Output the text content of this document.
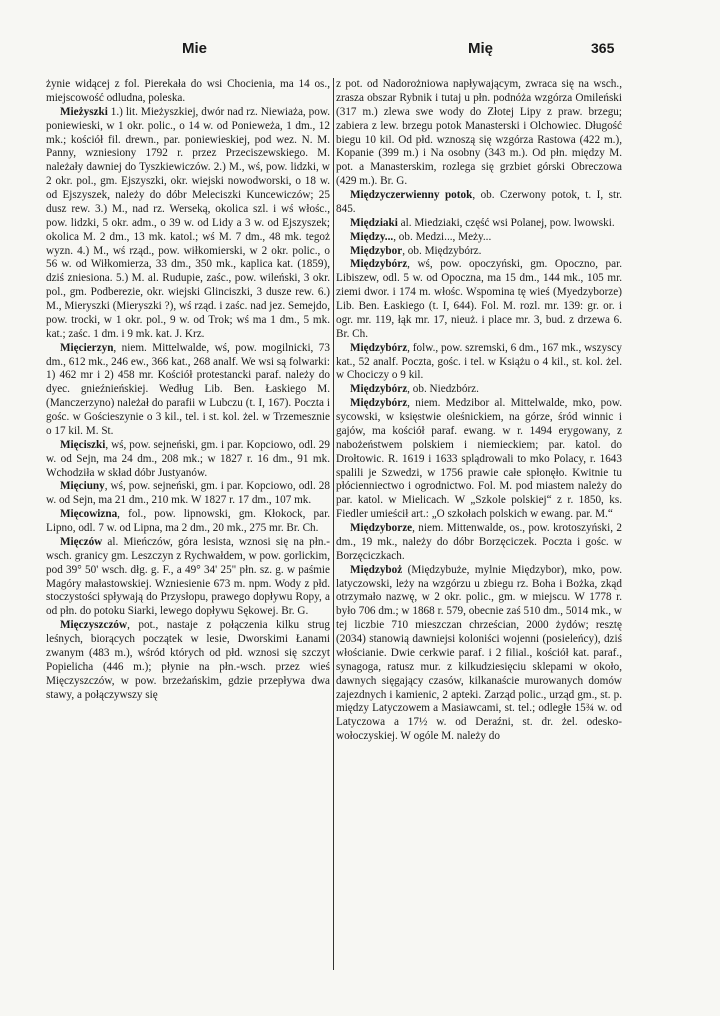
Mie	Mię	365

żynie widącej z fol. Pierekała do wsi Chocienia, ma 14 os., miejscowość odludna, poleska.

Mieżyszki 1.) lit. Mieżyszkiej, dwór nad rz. Niewiaża, pow. poniewieski, w 1 okr. polic., o 14 w. od Ponieweża, 1 dm., 12 mk.; kościół fil. drewn., par. poniewieskiej, pod wez. N. M. Panny, wzniesiony 1792 r. przez Przeciszewskiego. M. należały dawniej do Tyszkiewiczów. 2.) M., wś, pow. lidzki, w 2 okr. pol., gm. Ejszyszki, okr. wiejski nowodworski, o 18 w. od Ejszyszek, należy do dóbr Meleciszki Kuncewiczów; 25 dusz rew. 3.) M., nad rz. Werseką, okolica szl. i wś włośc., pow. lidzki, 5 okr. adm., o 39 w. od Lidy a 3 w. od Ejszyszek; okolica M. 2 dm., 13 mk. katol.; wś M. 7 dm., 48 mk. tegoż wyzn. 4.) M., wś rząd., pow. wiłkomierski, w 2 okr. polic., o 56 w. od Wiłkomierza, 33 dm., 350 mk., kaplica kat. (1859), dziś zniesiona. 5.) M. al. Rudupie, zaśc., pow. wileński, 3 okr. pol., gm. Podberezie, okr. wiejski Glinciszki, 3 dusze rew. 6.) M., Mieryszki (Mieryszki ?), wś rząd. i zaśc. nad jez. Semejdo, pow. trocki, w 1 okr. pol., 9 w. od Trok; wś ma 1 dm., 5 mk. kat.; zaśc. 1 dm. i 9 mk. kat. J. Krz.

Mięcierzyn, niem. Mittelwalde, wś, pow. mogilnicki, 73 dm., 612 mk., 246 ew., 366 kat., 268 analf. We wsi są folwarki: 1) 462 mr i 2) 458 mr. Kościół protestancki paraf. należy do dyec. gnieźnieńskiej. Według Lib. Ben. Łaskiego M. (Manczerzyno) należał do parafii w Lubczu (t. I, 167). Poczta i gośc. w Gościeszynie o 3 kil., tel. i st. kol. żel. w Trzemesznie o 17 kil. M. St.

Mięciszki, wś, pow. sejneński, gm. i par. Kopciowo, odl. 29 w. od Sejn, ma 24 dm., 208 mk.; w 1827 r. 16 dm., 91 mk. Wchodziła w skład dóbr Justyanów.

Mięciuny, wś, pow. sejneński, gm. i par. Kopciowo, odl. 28 w. od Sejn, ma 21 dm., 210 mk. W 1827 r. 17 dm., 107 mk.

Mięcowizna, fol., pow. lipnowski, gm. Kłokock, par. Lipno, odl. 7 w. od Lipna, ma 2 dm., 20 mk., 275 mr. Br. Ch.

Mięczów al. Mieńczów, góra lesista, wznosi się na płn.-wsch. granicy gm. Leszczyn z Rychwałdem, w pow. gorlickim, pod 39° 50' wsch. dłg. g. F., a 49° 34' 25" płn. sz. g. w paśmie Magóry małastowskiej. Wzniesienie 673 m. npm. Wody z płd. stoczystości spływają do Przysłopu, prawego dopływu Ropy, a od płn. do potoku Siarki, lewego dopływu Sękowej. Br. G.

Mięczyszczów, pot., nastaje z połączenia kilku strug leśnych, biorących początek w lesie, Dworskimi Łanami zwanym (483 m.), wśród których od płd. wznosi się szczyt Popielicha (446 m.); płynie na płn.-wsch. przez wieś Mięczyszczów, w pow. brzeżańskim, gdzie przepływa dwa stawy, a połączywszy się

z pot. od Nadorożniowa napływającym, zwraca się na wsch., zrasza obszar Rybnik i tutaj u płn. podnóża wzgórza Omileński (317 m.) zlewa swe wody do Złotej Lipy z praw. brzegu; zabiera z lew. brzegu potok Manasterski i Olchowiec. Długość biegu 10 kil. Od płd. wznoszą się wzgórza Rastowa (422 m.), Kopanie (399 m.) i Na osobny (343 m.). Od płn. między M. pot. a Manasterskim, rozlega się grzbiet górski Obreczowa (429 m.). Br. G.

Międzyczerwienny potok, ob. Czerwony potok, t. I, str. 845.

Międziaki al. Miedziaki, część wsi Polanej, pow. lwowski.

Między..., ob. Medzi..., Meży...

Międzybor, ob. Międzybórz.

Międzybórz, wś, pow. opoczyński, gm. Opoczno, par. Libiszew, odl. 5 w. od Opoczna, ma 15 dm., 144 mk., 105 mr. ziemi dwor. i 174 m. włośc. Wspomina tę wieś (Myedzyborze) Lib. Ben. Łaskiego (t. I, 644). Fol. M. rozl. mr. 139: gr. or. i ogr. mr. 119, łąk mr. 17, nieuż. i place mr. 3, bud. z drzewa 6. Br. Ch.

Międzybórz, folw., pow. szremski, 6 dm., 167 mk., wszyscy kat., 52 analf. Poczta, gośc. i tel. w Książu o 4 kil., st. kol. żel. w Chociczy o 9 kil.

Międzybórz, ob. Niedzbórz.

Międzybórz, niem. Medzibor al. Mittelwalde, mko, pow. sycowski, w księstwie oleśnickiem, na górze, śród winnic i gajów, ma kościół paraf. ewang. w r. 1494 erygowany, z nabożeństwem polskiem i niemieckiem; par. katol. do Drołtowic. R. 1619 i 1633 splądrowali to mko Polacy, r. 1643 spalili je Szwedzi, w 1756 prawie całe spłonęło. Kwitnie tu płócienniectwo i ogrodnictwo. Fol. M. pod miastem należy do par. katol. w Mielicach. W „Szkole polskiej“ z r. 1850, ks. Fiedler umieścił art.: „O szkołach polskich w ewang. par. M.“

Międzyborze, niem. Mittenwalde, os., pow. krotoszyński, 2 dm., 19 mk., należy do dóbr Borzęciczek. Poczta i gośc. w Borzęciczkach.

Międzyboż (Międzybuże, mylnie Międzybor), mko, pow. latyczowski, leży na wzgórzu u zbiegu rz. Boha i Bożka, zkąd otrzymało nazwę, w 2 okr. polic., gm. w miejscu. W 1778 r. było 706 dm.; w 1868 r. 579, obecnie zaś 510 dm., 5014 mk., w tej liczbie 710 mieszczan chrześcian, 2000 żydów; resztę (2034) stanowią dawniejsi koloniści wojenni (posieleńcy), dziś włościanie. Dwie cerkwie paraf. i 2 filial., kościół kat. paraf., synagoga, ratusz mur. z kilkudziesięciu sklepami w około, dawnych sięgający czasów, kilkanaście murowanych domów zajezdnych i kamienic, 2 apteki. Zarząd polic., urząd gm., st. p. między Latyczowem a Masiawcami, st. tel.; odległe 15¾ w. od Latyczowa a 17½ w. od Deraźni, st. dr. żel. odesko-wołoczyskiej. W ogóle M. należy do
